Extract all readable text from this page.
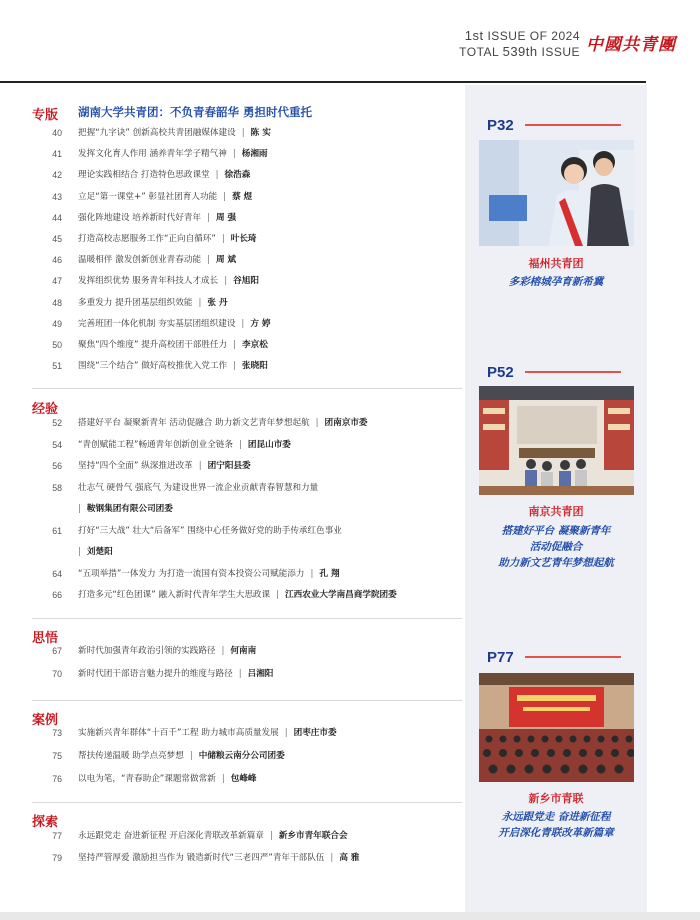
1st ISSUE OF 2024
TOTAL 539th ISSUE 中國共青團
专版 湖南大学共青团：不负青春韶华 勇担时代重托
40 把握“九字诀” 创新高校共青团融媒体建设 | 陈 实
41 发挥文化育人作用 涵养青年学子精气神 | 杨湘雨
42 理论实践相结合 打造特色思政课堂 | 徐浩森
43 立足“第一课堂+” 彰显社团育人功能 | 蔡 煜
44 强化阵地建设 培养新时代好青年 | 周 强
45 打造高校志愿服务工作“正向自循环” | 叶长琦
46 温暖相伴 激发创新创业青春动能 | 周 斌
47 发挥组织优势 服务青年科技人才成长 | 谷旭阳
48 多重发力 提升团基层组织效能 | 张 丹
49 完善班团一体化机制 夯实基层团组织建设 | 方 婷
50 聚焦“四个维度” 提升高校团干部胜任力 | 李京松
51 围绕“三个结合” 做好高校推优入党工作 | 张晓阳
经验
52 搭建好平台 凝聚新青年 活动促融合 助力新文艺青年梦想起航 | 团南京市委
54 “青创赋能工程”畅通青年创新创业全链条 | 团昆山市委
56 坚持“四个全面” 纵深推进改革 | 团宁阳县委
58 壮志气 硬骨气 强底气 为建设世界一流企业贡献青春智慧和力量
| 鞍钢集团有限公司团委
61 打好“三大战” 壮大“后备军” 围绕中心任务做好党的助手传承红色事业
| 刘楚阳
64 “五项举措”一体发力 为打造一流国有资本投资公司赋能添力 | 孔 翔
66 打造多元“红色团课” 融入新时代青年学生大思政课 | 江西农业大学南昌商学院团委
思悟
67 新时代加强青年政治引领的实践路径 | 何南南
70 新时代团干部语言魅力提升的维度与路径 | 吕湘阳
案例
73 实施新兴青年群体“十百千”工程 助力城市高质量发展 | 团枣庄市委
75 帮扶传递温暖 助学点亮梦想 | 中储粮云南分公司团委
76 以电为笔，“青春助企”课题常做常新 | 包峰峰
探索
77 永远跟党走 奋进新征程 开启深化青联改革新篇章 | 新乡市青年联合会
79 坚持严管厚爱 激励担当作为 锻造新时代“三老四严”青年干部队伍 | 高 雅
P32
福州共青团
多彩榕城孕育新希冀
P52
南京共青团
搭建好平台 凝聚新青年
活动促融合
助力新文艺青年梦想起航
P77
新乡市青联
永远跟党走 奋进新征程
开启深化青联改革新篇章
